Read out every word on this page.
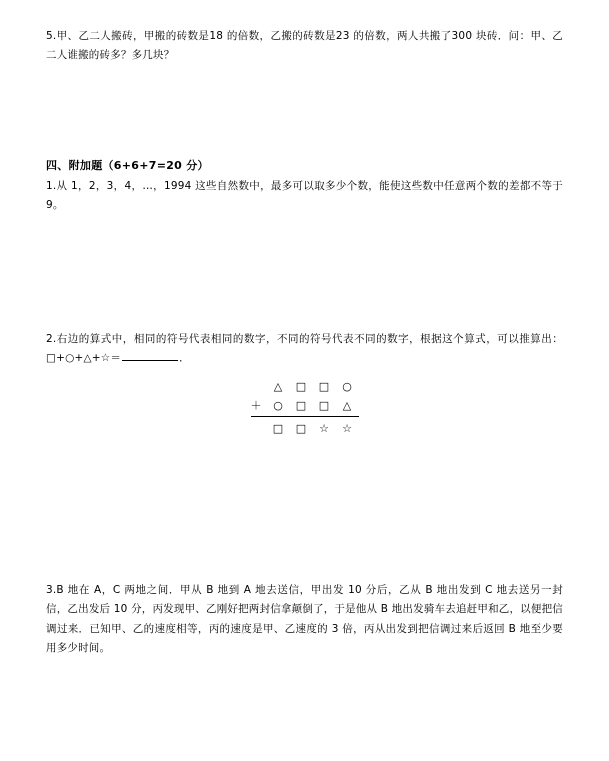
5.甲、乙二人搬砖，甲搬的砖数是18 的倍数，乙搬的砖数是23 的倍数，两人共搬了300 块砖．问：甲、乙二人谁搬的砖多？多几块？
四、附加题（6+6+7=20 分）
1.从 1，2，3，4，…，1994 这些自然数中，最多可以取多少个数，能使这些数中任意两个数的差都不等于 9。
2.右边的算式中，相同的符号代表相同的数字，不同的符号代表不同的数字，根据这个算式，可以推算出：□+○+△+☆＝	．
△	□	□	○
＋	○	□	□	△
□	□	☆	☆
3.B 地在 A，C 两地之间．甲从 B 地到 A 地去送信，甲出发 10 分后，乙从 B 地出发到 C 地去送另一封信，乙出发后 10 分，丙发现甲、乙刚好把两封信拿颠倒了，于是他从 B 地出发骑车去追赶甲和乙，以便把信调过来．已知甲、乙的速度相等，丙的速度是甲、乙速度的 3 倍，丙从出发到把信调过来后返回 B 地至少要用多少时间。
